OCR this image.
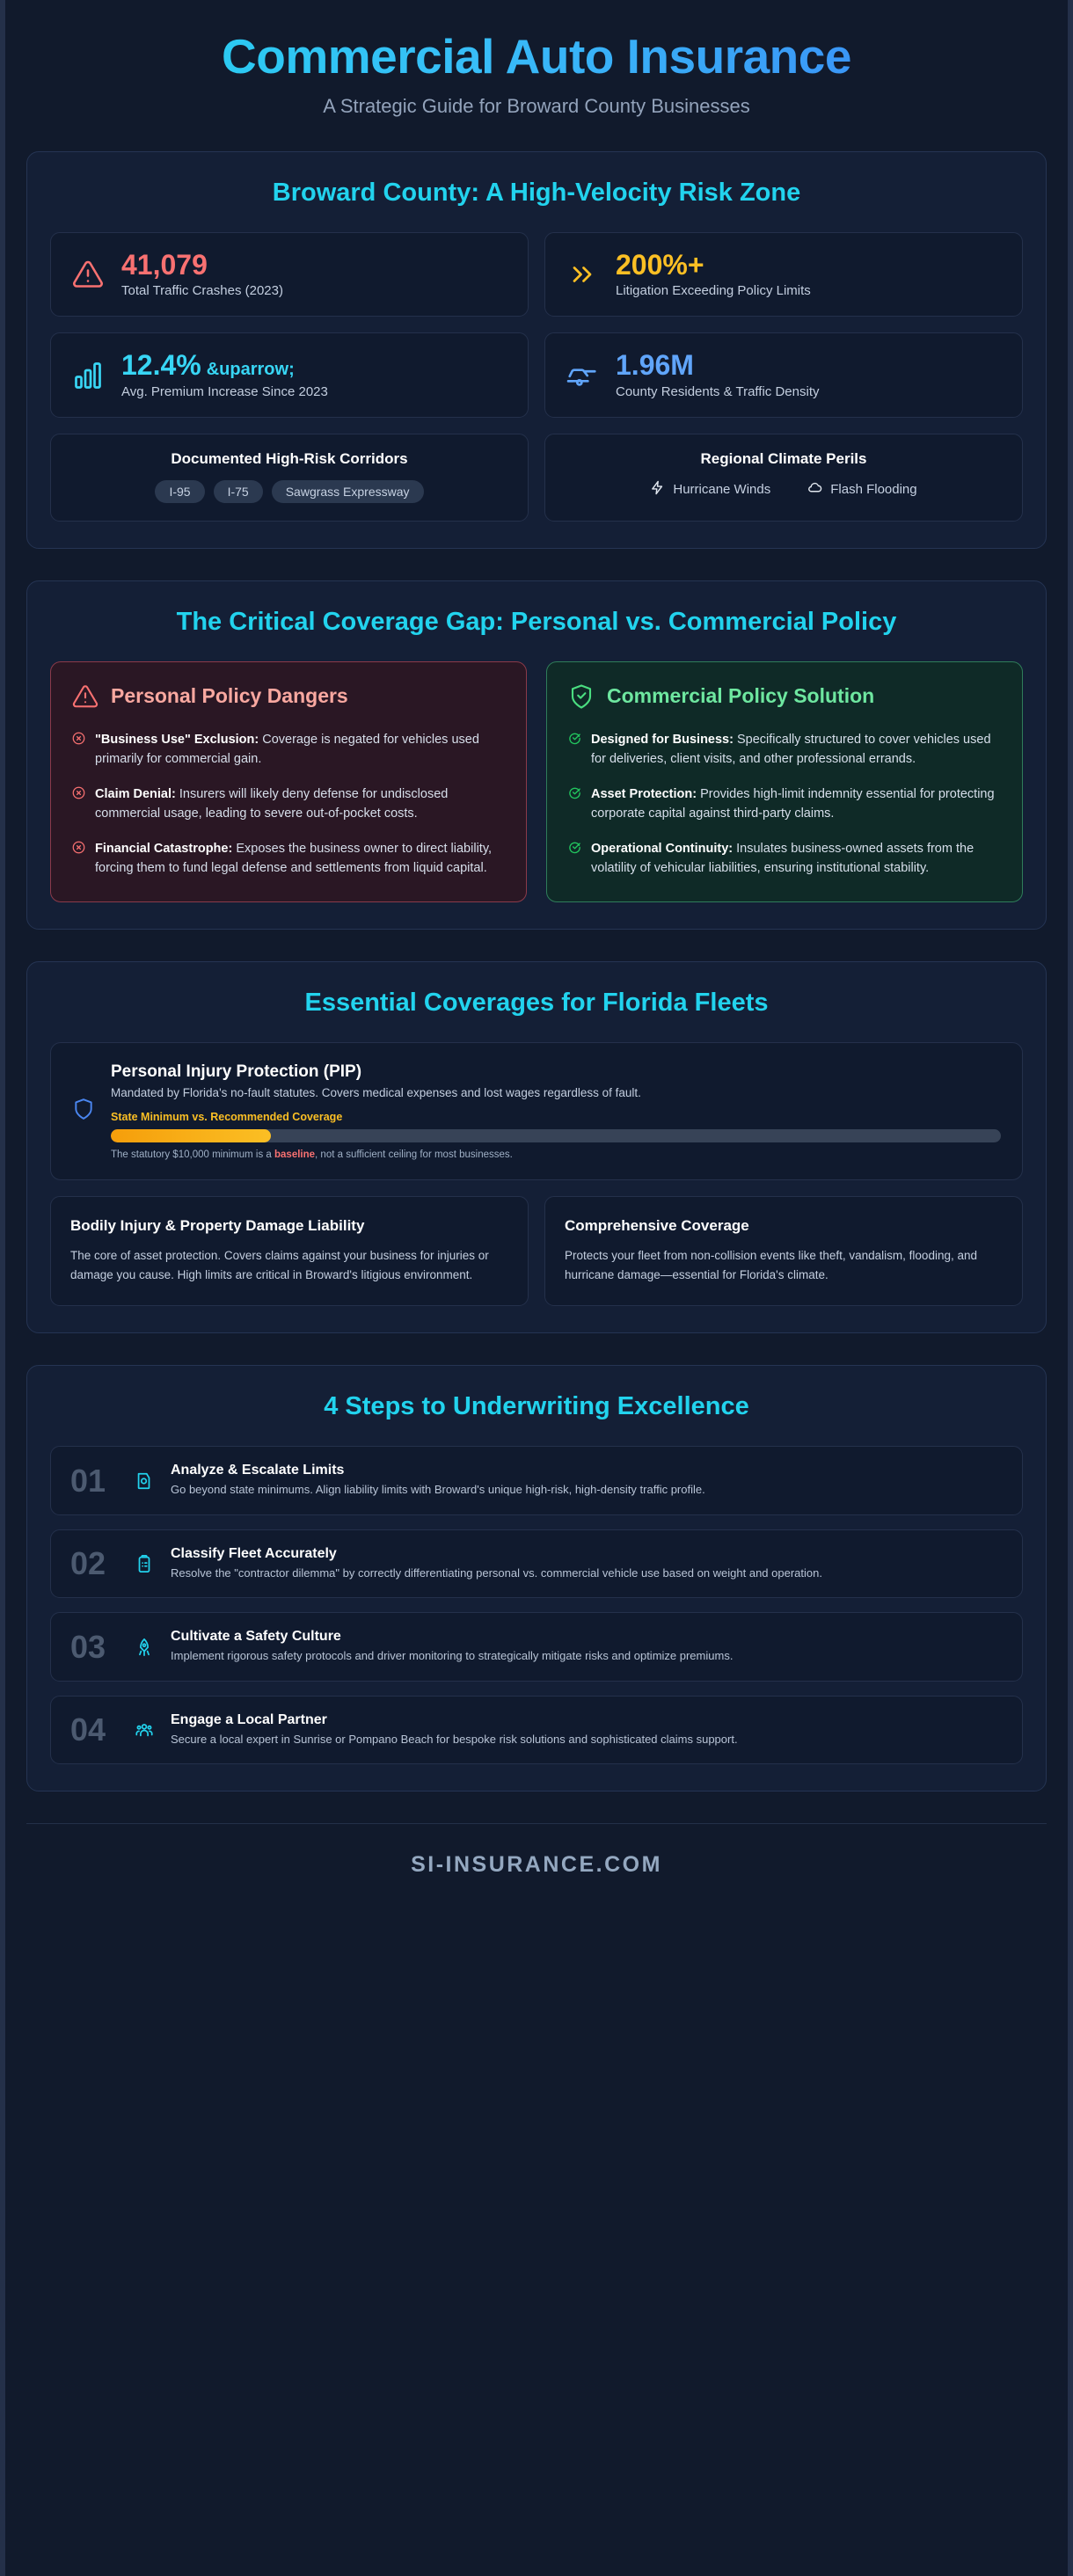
Commercial Auto Insurance
A Strategic Guide for Broward County Businesses
Broward County: A High-Velocity Risk Zone
41,079
Total Traffic Crashes (2023)
200%+
Litigation Exceeding Policy Limits
12.4% &uparrow;
Avg. Premium Increase Since 2023
1.96M
County Residents & Traffic Density
Documented High-Risk Corridors
I-95	I-75	Sawgrass Expressway
Regional Climate Perils
Hurricane Winds	Flash Flooding
The Critical Coverage Gap: Personal vs. Commercial Policy
Personal Policy Dangers
"Business Use" Exclusion: Coverage is negated for vehicles used primarily for commercial gain.
Claim Denial: Insurers will likely deny defense for undisclosed commercial usage, leading to severe out-of-pocket costs.
Financial Catastrophe: Exposes the business owner to direct liability, forcing them to fund legal defense and settlements from liquid capital.
Commercial Policy Solution
Designed for Business: Specifically structured to cover vehicles used for deliveries, client visits, and other professional errands.
Asset Protection: Provides high-limit indemnity essential for protecting corporate capital against third-party claims.
Operational Continuity: Insulates business-owned assets from the volatility of vehicular liabilities, ensuring institutional stability.
Essential Coverages for Florida Fleets
Personal Injury Protection (PIP)
Mandated by Florida's no-fault statutes. Covers medical expenses and lost wages regardless of fault.
State Minimum vs. Recommended Coverage
The statutory $10,000 minimum is a baseline, not a sufficient ceiling for most businesses.
Bodily Injury & Property Damage Liability

The core of asset protection. Covers claims against your business for injuries or damage you cause. High limits are critical in Broward's litigious environment.

Comprehensive Coverage

Protects your fleet from non-collision events like theft, vandalism, flooding, and hurricane damage—essential for Florida's climate.

4 Steps to Underwriting Excellence
01	Analyze & Escalate Limits
Go beyond state minimums. Align liability limits with Broward's unique high-risk, high-density traffic profile.
02	Classify Fleet Accurately
Resolve the "contractor dilemma" by correctly differentiating personal vs. commercial vehicle use based on weight and operation.
03	Cultivate a Safety Culture
Implement rigorous safety protocols and driver monitoring to strategically mitigate risks and optimize premiums.
04	Engage a Local Partner
Secure a local expert in Sunrise or Pompano Beach for bespoke risk solutions and sophisticated claims support.
SI-INSURANCE.COM
